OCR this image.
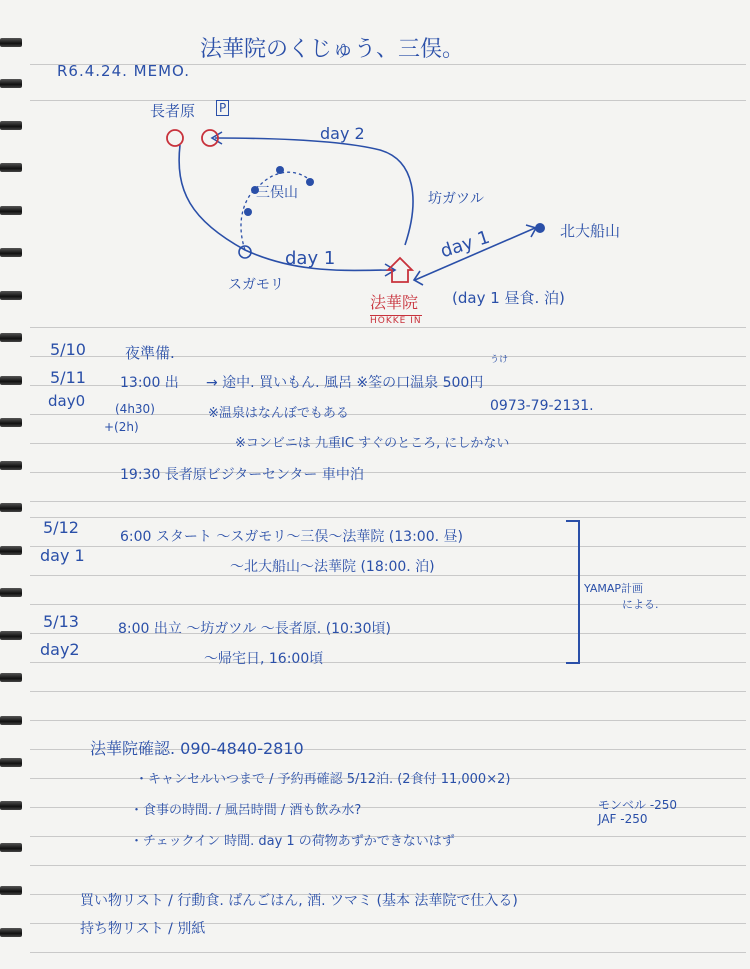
法華院のくじゅう、三俣。
R6.4.24. MEMO.
長者原 P
day 2
三俣山	坊ガツル
day 1	day 1	北大船山
スガモリ
法華院 (day 1 昼食. 泊)
HOKKE IN
5/10	夜準備.
5/11
day0
13:00 出 → 途中. 買いもん. 風呂 ※筌の口温泉 500円
うけ
(4h30)
+(2h)
0973-79-2131.
※温泉はなんぼでもある
※コンビニは 九重IC すぐのところ, にしかない
19:30 長者原ビジターセンター 車中泊
5/12
day 1
6:00 スタート ～スガモリ～三俣～法華院 (13:00. 昼)
～北大船山～法華院 (18:00. 泊)
YAMAP計画
による.
5/13
day2
8:00 出立 ～坊ガツル ～長者原. (10:30頃)
～帰宅日, 16:00頃
法華院確認. 090-4840-2810
・キャンセルいつまで / 予約再確認 5/12泊. (2食付 11,000×2)
・食事の時間. / 風呂時間 / 酒も飲み水?	モンベル -250
JAF -250
・チェックイン 時間. day 1 の荷物あずかできないはず
買い物リスト / 行動食. ぱんごはん, 酒. ツマミ (基本 法華院で仕入る)
持ち物リスト / 別紙
